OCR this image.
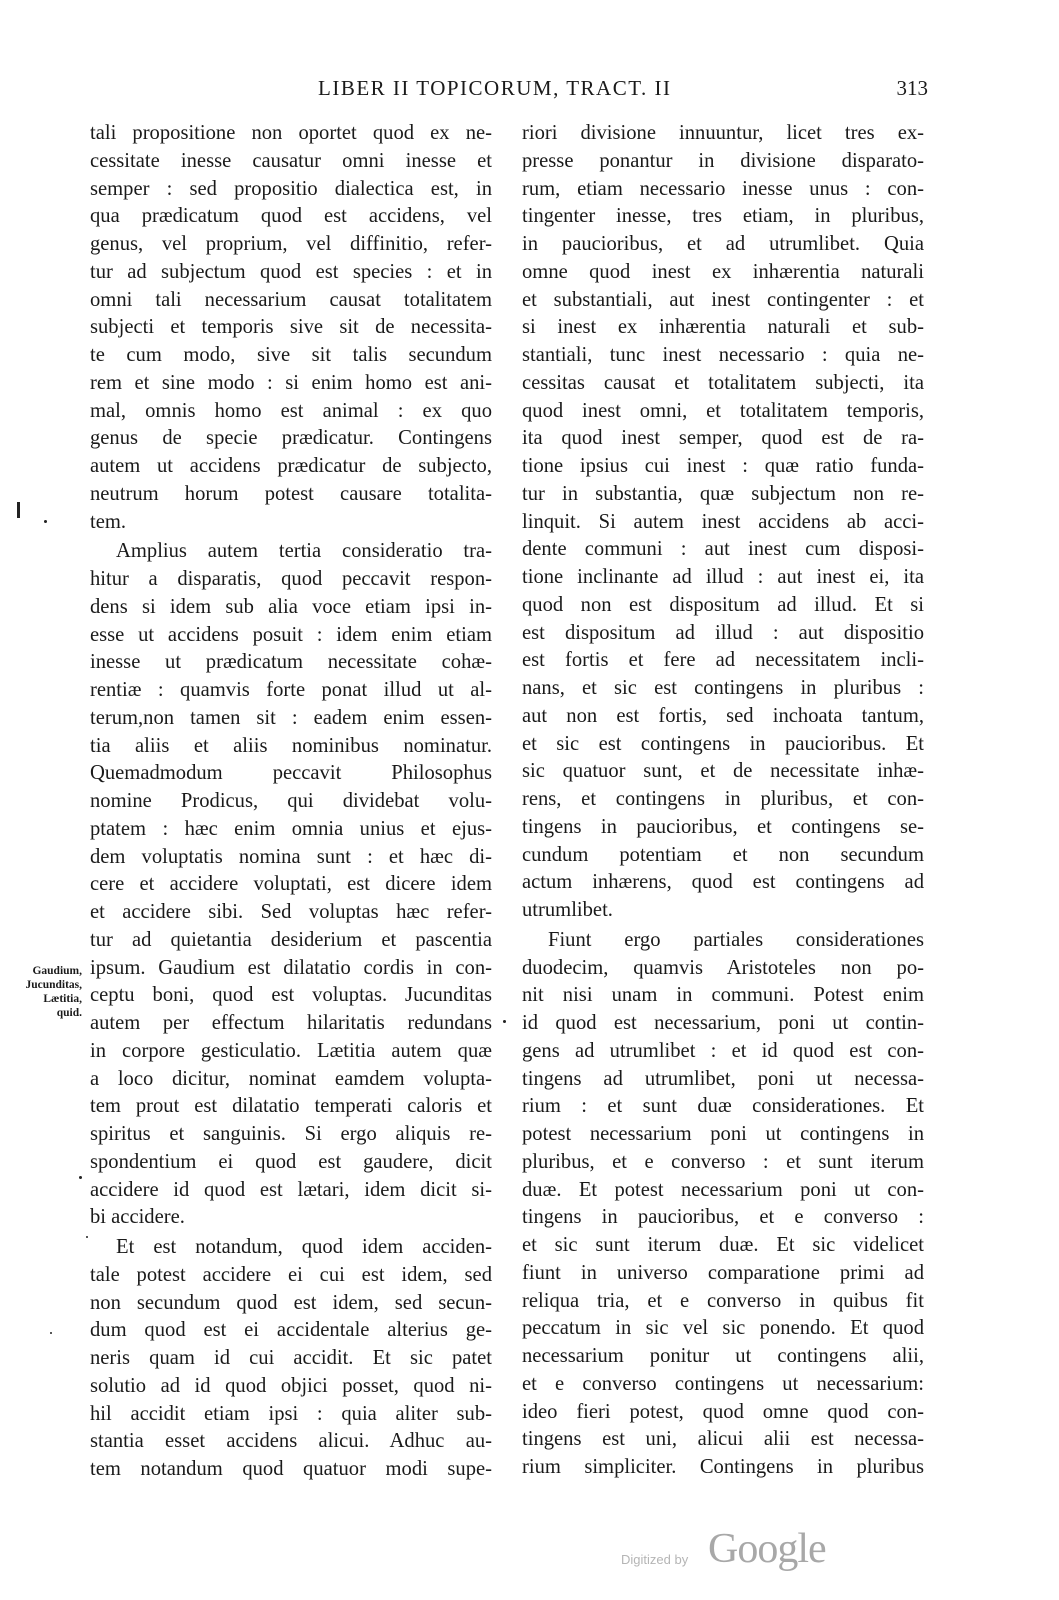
LIBER II TOPICORUM, TRACT. II	313
Gaudium,
Jucunditas,
Lætitia,
quid.
tali propositione non oportet quod ex ne-
cessitate inesse causatur omni inesse et
semper : sed propositio dialectica est, in
qua prædicatum quod est accidens, vel
genus, vel proprium, vel diffinitio, refer-
tur ad subjectum quod est species : et in
omni tali necessarium causat totalitatem
subjecti et temporis sive sit de necessita-
te cum modo, sive sit talis secundum
rem et sine modo : si enim homo est ani-
mal, omnis homo est animal : ex quo
genus de specie prædicatur. Contingens
autem ut accidens prædicatur de subjecto,
neutrum horum potest causare totalita-
tem.
Amplius autem tertia consideratio tra-
hitur a disparatis, quod peccavit respon-
dens si idem sub alia voce etiam ipsi in-
esse ut accidens posuit : idem enim etiam
inesse ut prædicatum necessitate cohæ-
rentiæ : quamvis forte ponat illud ut al-
terum,non tamen sit : eadem enim essen-
tia aliis et aliis nominibus nominatur.
Quemadmodum peccavit Philosophus
nomine Prodicus, qui dividebat volu-
ptatem : hæc enim omnia unius et ejus-
dem voluptatis nomina sunt : et hæc di-
cere et accidere voluptati, est dicere idem
et accidere sibi. Sed voluptas hæc refer-
tur ad quietantia desiderium et pascentia
ipsum. Gaudium est dilatatio cordis in con-
ceptu boni, quod est voluptas. Jucunditas
autem per effectum hilaritatis redundans
in corpore gesticulatio. Lætitia autem quæ
a loco dicitur, nominat eamdem volupta-
tem prout est dilatatio temperati caloris et
spiritus et sanguinis. Si ergo aliquis re-
spondentium ei quod est gaudere, dicit
accidere id quod est lætari, idem dicit si-
bi accidere.
Et est notandum, quod idem acciden-
tale potest accidere ei cui est idem, sed
non secundum quod est idem, sed secun-
dum quod est ei accidentale alterius ge-
neris quam id cui accidit. Et sic patet
solutio ad id quod objici posset, quod ni-
hil accidit etiam ipsi : quia aliter sub-
stantia esset accidens alicui. Adhuc au-
tem notandum quod quatuor modi supe-
riori divisione innuuntur, licet tres ex-
presse ponantur in divisione disparato-
rum, etiam necessario inesse unus : con-
tingenter inesse, tres etiam, in pluribus,
in paucioribus, et ad utrumlibet. Quia
omne quod inest ex inhærentia naturali
et substantiali, aut inest contingenter : et
si inest ex inhærentia naturali et sub-
stantiali, tunc inest necessario : quia ne-
cessitas causat et totalitatem subjecti, ita
quod inest omni, et totalitatem temporis,
ita quod inest semper, quod est de ra-
tione ipsius cui inest : quæ ratio funda-
tur in substantia, quæ subjectum non re-
linquit. Si autem inest accidens ab acci-
dente communi : aut inest cum disposi-
tione inclinante ad illud : aut inest ei, ita
quod non est dispositum ad illud. Et si
est dispositum ad illud : aut dispositio
est fortis et fere ad necessitatem incli-
nans, et sic est contingens in pluribus :
aut non est fortis, sed inchoata tantum,
et sic est contingens in paucioribus. Et
sic quatuor sunt, et de necessitate inhæ-
rens, et contingens in pluribus, et con-
tingens in paucioribus, et contingens se-
cundum potentiam et non secundum
actum inhærens, quod est contingens ad
utrumlibet.
Fiunt ergo partiales considerationes
duodecim, quamvis Aristoteles non po-
nit nisi unam in communi. Potest enim
id quod est necessarium, poni ut contin-
gens ad utrumlibet : et id quod est con-
tingens ad utrumlibet, poni ut necessa-
rium : et sunt duæ considerationes. Et
potest necessarium poni ut contingens in
pluribus, et e converso : et sunt iterum
duæ. Et potest necessarium poni ut con-
tingens in paucioribus, et e converso :
et sic sunt iterum duæ. Et sic videlicet
fiunt in universo comparatione primi ad
reliqua tria, et e converso in quibus fit
peccatum in sic vel sic ponendo. Et quod
necessarium ponitur ut contingens alii,
et e converso contingens ut necessarium:
ideo fieri potest, quod omne quod con-
tingens est uni, alicui alii est necessa-
rium simpliciter. Contingens in pluribus
Digitized by Google
